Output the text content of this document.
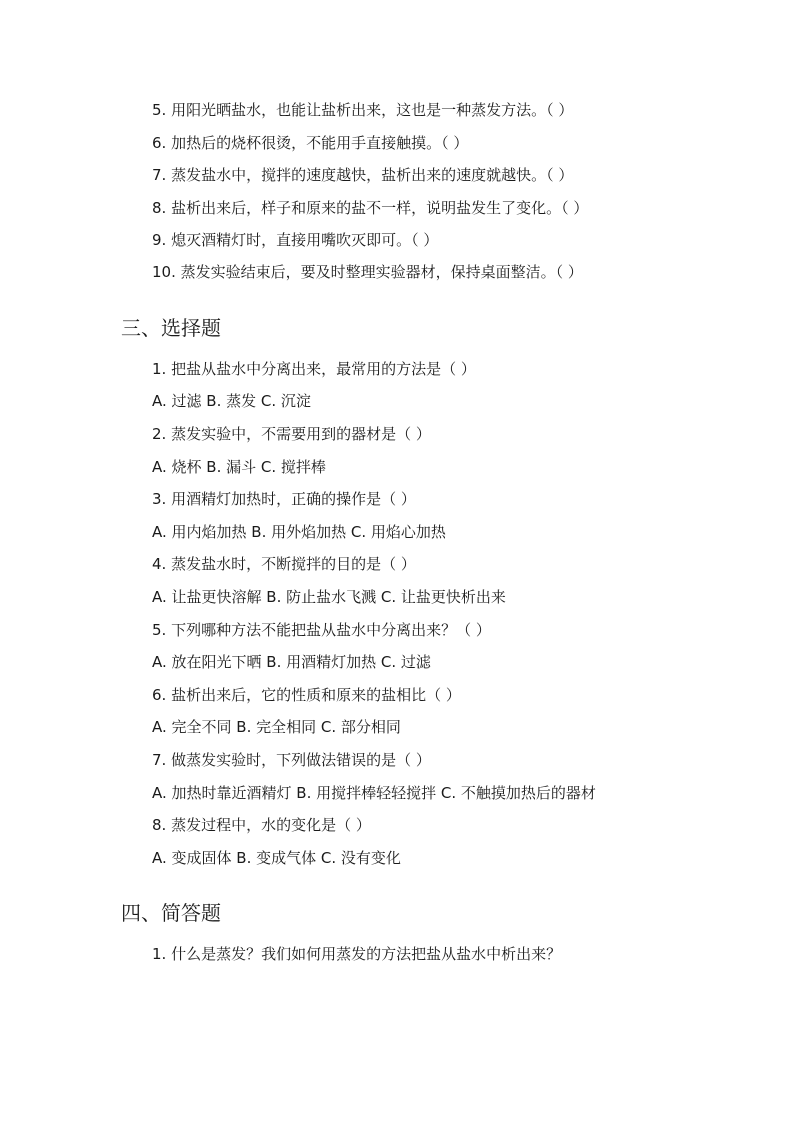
5. 用阳光晒盐水，也能让盐析出来，这也是一种蒸发方法。（ ）
6. 加热后的烧杯很烫，不能用手直接触摸。（ ）
7. 蒸发盐水中，搅拌的速度越快，盐析出来的速度就越快。（ ）
8. 盐析出来后，样子和原来的盐不一样，说明盐发生了变化。（ ）
9. 熄灭酒精灯时，直接用嘴吹灭即可。（ ）
10. 蒸发实验结束后，要及时整理实验器材，保持桌面整洁。（ ）
三、选择题
1. 把盐从盐水中分离出来，最常用的方法是（ ）
A. 过滤 B. 蒸发 C. 沉淀
2. 蒸发实验中，不需要用到的器材是（ ）
A. 烧杯 B. 漏斗 C. 搅拌棒
3. 用酒精灯加热时，正确的操作是（ ）
A. 用内焰加热 B. 用外焰加热 C. 用焰心加热
4. 蒸发盐水时，不断搅拌的目的是（ ）
A. 让盐更快溶解 B. 防止盐水飞溅 C. 让盐更快析出来
5. 下列哪种方法不能把盐从盐水中分离出来？（ ）
A. 放在阳光下晒 B. 用酒精灯加热 C. 过滤
6. 盐析出来后，它的性质和原来的盐相比（ ）
A. 完全不同 B. 完全相同 C. 部分相同
7. 做蒸发实验时，下列做法错误的是（ ）
A. 加热时靠近酒精灯 B. 用搅拌棒轻轻搅拌 C. 不触摸加热后的器材
8. 蒸发过程中，水的变化是（ ）
A. 变成固体 B. 变成气体 C. 没有变化
四、简答题
1. 什么是蒸发？我们如何用蒸发的方法把盐从盐水中析出来？
